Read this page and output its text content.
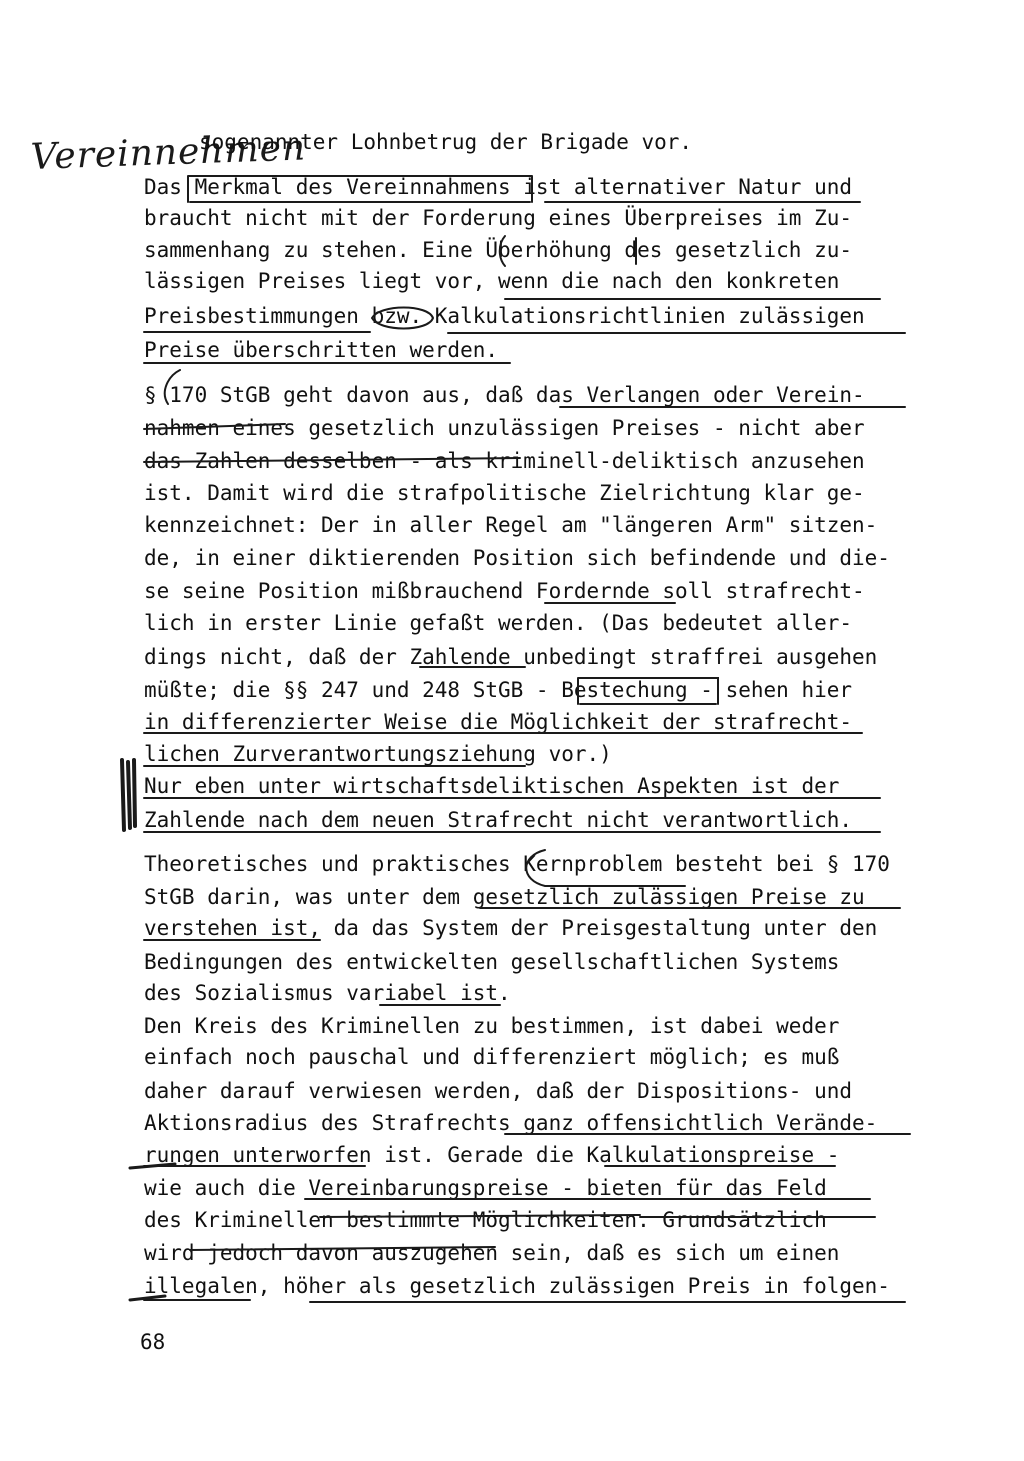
Vereinnehmen
sogenannter Lohnbetrug der Brigade vor.
Das Merkmal des Vereinnahmens ist alternativer Natur und
braucht nicht mit der Forderung eines Überpreises im Zu-
sammenhang zu stehen. Eine Überhöhung des gesetzlich zu-
lässigen Preises liegt vor, wenn die nach den konkreten
Preisbestimmungen bzw. Kalkulationsrichtlinien zulässigen
Preise überschritten werden.
§ 170 StGB geht davon aus, daß das Verlangen oder Verein-
nahmen eines gesetzlich unzulässigen Preises - nicht aber
das Zahlen desselben - als kriminell-deliktisch anzusehen
ist. Damit wird die strafpolitische Zielrichtung klar ge-
kennzeichnet: Der in aller Regel am "längeren Arm" sitzen-
de, in einer diktierenden Position sich befindende und die-
se seine Position mißbrauchend Fordernde soll strafrecht-
lich in erster Linie gefaßt werden. (Das bedeutet aller-
dings nicht, daß der Zahlende unbedingt straffrei ausgehen
müßte; die §§ 247 und 248 StGB - Bestechung - sehen hier
in differenzierter Weise die Möglichkeit der strafrecht-
lichen Zurverantwortungsziehung vor.)
Nur eben unter wirtschaftsdeliktischen Aspekten ist der
Zahlende nach dem neuen Strafrecht nicht verantwortlich.
Theoretisches und praktisches Kernproblem besteht bei § 170
StGB darin, was unter dem gesetzlich zulässigen Preise zu
verstehen ist, da das System der Preisgestaltung unter den
Bedingungen des entwickelten gesellschaftlichen Systems
des Sozialismus variabel ist.
Den Kreis des Kriminellen zu bestimmen, ist dabei weder
einfach noch pauschal und differenziert möglich; es muß
daher darauf verwiesen werden, daß der Dispositions- und
Aktionsradius des Strafrechts ganz offensichtlich Verände-
rungen unterworfen ist. Gerade die Kalkulationspreise -
wie auch die Vereinbarungspreise - bieten für das Feld
des Kriminellen bestimmte Möglichkeiten. Grundsätzlich
wird jedoch davon auszugehen sein, daß es sich um einen
illegalen, höher als gesetzlich zulässigen Preis in folgen-
68
